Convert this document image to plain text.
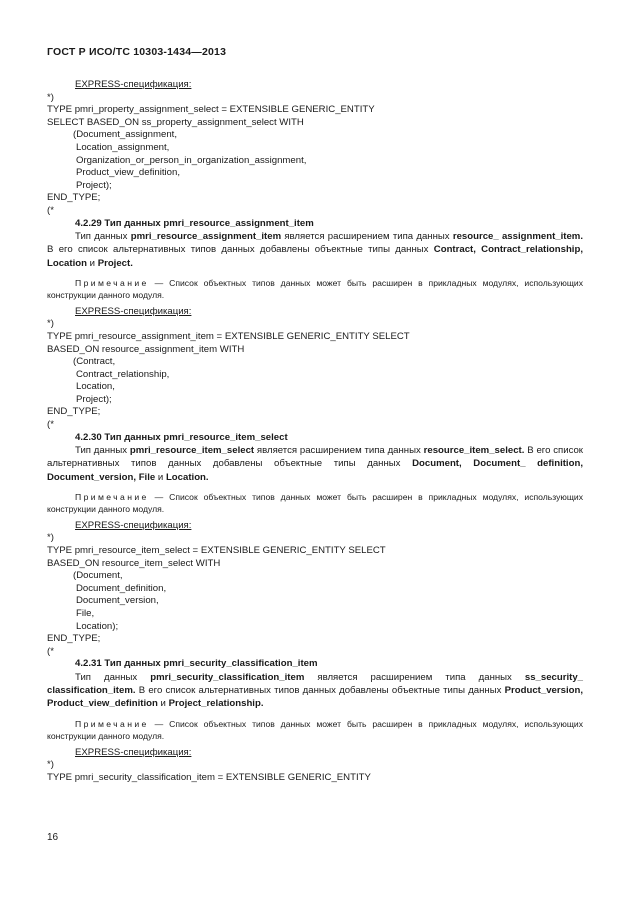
ГОСТ Р ИСО/ТС 10303-1434—2013
EXPRESS-спецификация:
*)
TYPE pmri_property_assignment_select = EXTENSIBLE GENERIC_ENTITY
SELECT BASED_ON ss_property_assignment_select WITH
(Document_assignment,
Location_assignment,
Organization_or_person_in_organization_assignment,
Product_view_definition,
Project);
END_TYPE;
(*
4.2.29 Тип данных pmri_resource_assignment_item
Тип данных pmri_resource_assignment_item является расширением типа данных resource_ assignment_item. В его список альтернативных типов данных добавлены объектные типы данных Contract, Contract_relationship, Location и Project.
Примечание — Список объектных типов данных может быть расширен в прикладных модулях, использующих конструкции данного модуля.
EXPRESS-спецификация:
*)
TYPE pmri_resource_assignment_item = EXTENSIBLE GENERIC_ENTITY SELECT
BASED_ON resource_assignment_item WITH
(Contract,
Contract_relationship,
Location,
Project);
END_TYPE;
(*
4.2.30 Тип данных pmri_resource_item_select
Тип данных pmri_resource_item_select является расширением типа данных resource_item_select. В его список альтернативных типов данных добавлены объектные типы данных Document, Document_ definition, Document_version, File и Location.
Примечание — Список объектных типов данных может быть расширен в прикладных модулях, использующих конструкции данного модуля.
EXPRESS-спецификация:
*)
TYPE pmri_resource_item_select = EXTENSIBLE GENERIC_ENTITY SELECT
BASED_ON resource_item_select WITH
(Document,
Document_definition,
Document_version,
File,
Location);
END_TYPE;
(*
4.2.31 Тип данных pmri_security_classification_item
Тип данных pmri_security_classification_item является расширением типа данных ss_security_ classification_item. В его список альтернативных типов данных добавлены объектные типы данных Product_version, Product_view_definition и Project_relationship.
Примечание — Список объектных типов данных может быть расширен в прикладных модулях, использующих конструкции данного модуля.
EXPRESS-спецификация:
*)
TYPE pmri_security_classification_item = EXTENSIBLE GENERIC_ENTITY
16
